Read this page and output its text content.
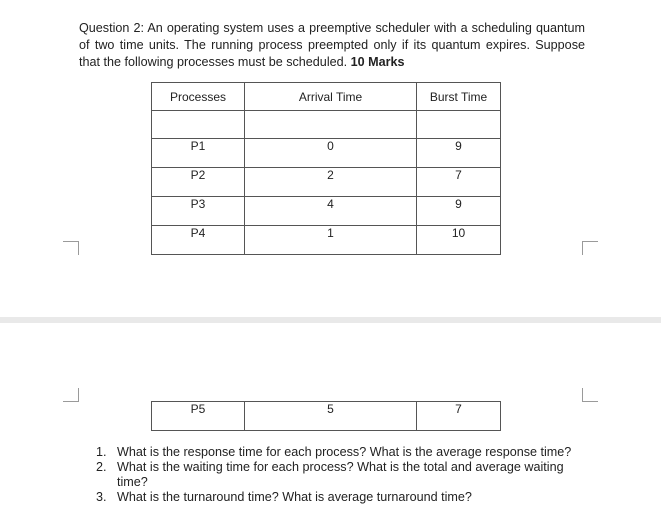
Question 2: An operating system uses a preemptive scheduler with a scheduling quantum of two time units. The running process preempted only if its quantum expires. Suppose that the following processes must be scheduled. 10 Marks

Processes	Arrival Time	Burst Time

P1	0	9
P2	2	7
P3	4	9
P4	1	10
P5	5	7
1. What is the response time for each process? What is the average response time?
2. What is the waiting time for each process? What is the total and average waiting time?
3. What is the turnaround time? What is average turnaround time?
